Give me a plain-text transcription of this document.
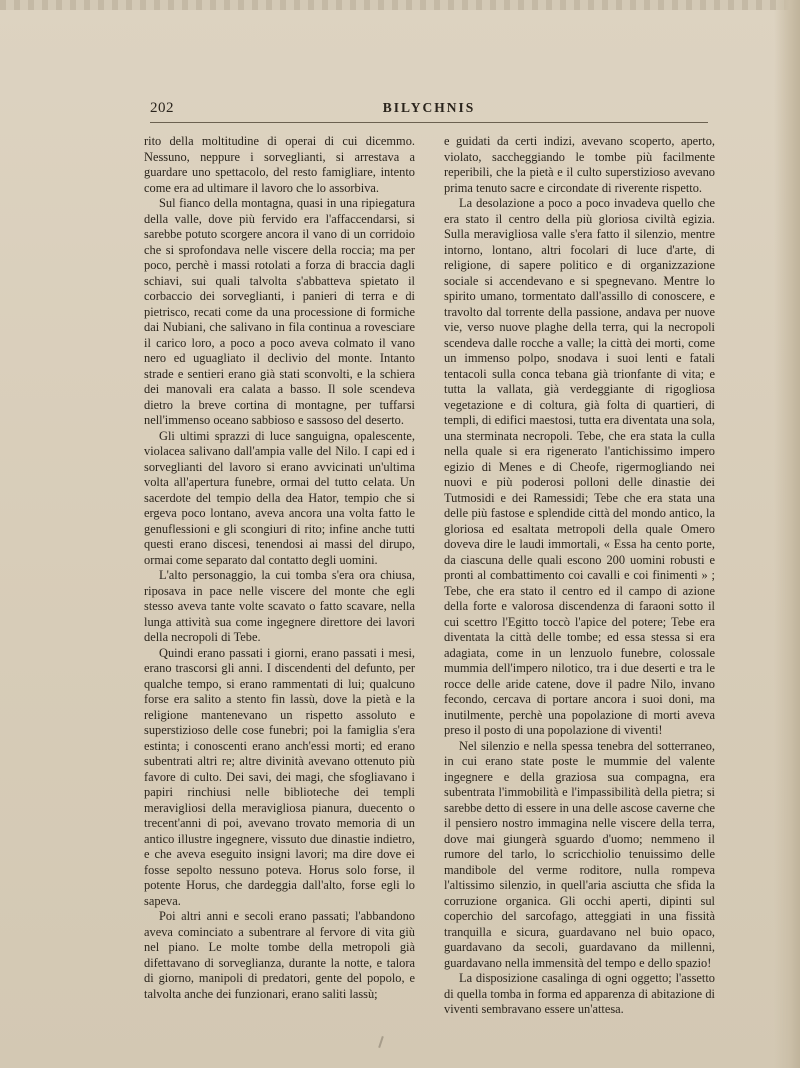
202	BILYCHNIS

rito della moltitudine di operai di cui dicemmo. Nessuno, neppure i sorveglianti, si arrestava a guardare uno spettacolo, del resto famigliare, intento come era ad ultimare il lavoro che lo assorbiva.

Sul fianco della montagna, quasi in una ripiegatura della valle, dove più fervido era l'affaccendarsi, si sarebbe potuto scorgere ancora il vano di un corridoio che si sprofondava nelle viscere della roccia; ma per poco, perchè i massi rotolati a forza di braccia dagli schiavi, sui quali talvolta s'abbatteva spietato il corbaccio dei sorveglianti, i panieri di terra e di pietrisco, recati come da una processione di formiche dai Nubiani, che salivano in fila continua a rovesciare il carico loro, a poco a poco aveva colmato il vano nero ed uguagliato il declivio del monte. Intanto strade e sentieri erano già stati sconvolti, e la schiera dei manovali era calata a basso. Il sole scendeva dietro la breve cortina di montagne, per tuffarsi nell'immenso oceano sabbioso e sassoso del deserto.

Gli ultimi sprazzi di luce sanguigna, opalescente, violacea salivano dall'ampia valle del Nilo. I capi ed i sorveglianti del lavoro si erano avvicinati un'ultima volta all'apertura funebre, ormai del tutto celata. Un sacerdote del tempio della dea Hator, tempio che si ergeva poco lontano, aveva ancora una volta fatto le genuflessioni e gli scongiuri di rito; infine anche tutti questi erano discesi, tenendosi ai massi del dirupo, ormai come separato dal contatto degli uomini.

L'alto personaggio, la cui tomba s'era ora chiusa, riposava in pace nelle viscere del monte che egli stesso aveva tante volte scavato o fatto scavare, nella lunga attività sua come ingegnere direttore dei lavori della necropoli di Tebe.

Quindi erano passati i giorni, erano passati i mesi, erano trascorsi gli anni. I discendenti del defunto, per qualche tempo, si erano rammentati di lui; qualcuno forse era salito a stento fin lassù, dove la pietà e la religione mantenevano un rispetto assoluto e superstizioso delle cose funebri; poi la famiglia s'era estinta; i conoscenti erano anch'essi morti; ed erano subentrati altri re; altre divinità avevano ottenuto più favore di culto. Dei savi, dei magi, che sfogliavano i papiri rinchiusi nelle biblioteche dei templi meravigliosi della meravigliosa pianura, duecento o trecent'anni di poi, avevano trovato memoria di un antico illustre ingegnere, vissuto due dinastie indietro, e che aveva eseguito insigni lavori; ma dire dove ei fosse sepolto nessuno poteva. Horus solo forse, il potente Horus, che dardeggia dall'alto, forse egli lo sapeva.

Poi altri anni e secoli erano passati; l'abbandono aveva cominciato a subentrare al fervore di vita giù nel piano. Le molte tombe della metropoli già difettavano di sorveglianza, durante la notte, e talora di giorno, manipoli di predatori, gente del popolo, e talvolta anche dei funzionari, erano saliti lassù;

e guidati da certi indizi, avevano scoperto, aperto, violato, saccheggiando le tombe più facilmente reperibili, che la pietà e il culto superstizioso avevano prima tenuto sacre e circondate di riverente rispetto.

La desolazione a poco a poco invadeva quello che era stato il centro della più gloriosa civiltà egizia. Sulla meravigliosa valle s'era fatto il silenzio, mentre intorno, lontano, altri focolari di luce d'arte, di religione, di sapere politico e di organizzazione sociale si accendevano e si spegnevano. Mentre lo spirito umano, tormentato dall'assillo di conoscere, e travolto dal torrente della passione, andava per nuove vie, verso nuove plaghe della terra, qui la necropoli scendeva dalle rocche a valle; la città dei morti, come un immenso polpo, snodava i suoi lenti e fatali tentacoli sulla conca tebana già trionfante di vita; e tutta la vallata, già verdeggiante di rigogliosa vegetazione e di coltura, già folta di quartieri, di templi, di edifici maestosi, tutta era diventata una sola, una sterminata necropoli. Tebe, che era stata la culla nella quale si era rigenerato l'antichissimo impero egizio di Menes e di Cheofe, rigermogliando nei nuovi e più poderosi polloni delle dinastie dei Tutmosidi e dei Ramessidi; Tebe che era stata una delle più fastose e splendide città del mondo antico, la gloriosa ed esaltata metropoli della quale Omero doveva dire le laudi immortali, « Essa ha cento porte, da ciascuna delle quali escono 200 uomini robusti e pronti al combattimento coi cavalli e coi finimenti » ; Tebe, che era stato il centro ed il campo di azione della forte e valorosa discendenza di faraoni sotto il cui scettro l'Egitto toccò l'apice del potere; Tebe era diventata la città delle tombe; ed essa stessa si era adagiata, come in un lenzuolo funebre, colossale mummia dell'impero nilotico, tra i due deserti e tra le rocce delle aride catene, dove il padre Nilo, invano fecondo, cercava di portare ancora i suoi doni, ma inutilmente, perchè una popolazione di morti aveva preso il posto di una popolazione di viventi!

Nel silenzio e nella spessa tenebra del sotterraneo, in cui erano state poste le mummie del valente ingegnere e della graziosa sua compagna, era subentrata l'immobilità e l'impassibilità della pietra; si sarebbe detto di essere in una delle ascose caverne che il pensiero nostro immagina nelle viscere della terra, dove mai giungerà sguardo d'uomo; nemmeno il rumore del tarlo, lo scricchiolio tenuissimo delle mandibole del verme roditore, nulla rompeva l'altissimo silenzio, in quell'aria asciutta che sfida la corruzione organica. Gli occhi aperti, dipinti sul coperchio del sarcofago, atteggiati in una fissità tranquilla e sicura, guardavano nel buio opaco, guardavano da secoli, guardavano da millenni, guardavano nella immensità del tempo e dello spazio!

La disposizione casalinga di ogni oggetto; l'assetto di quella tomba in forma ed apparenza di abitazione di viventi sembravano essere un'attesa.
